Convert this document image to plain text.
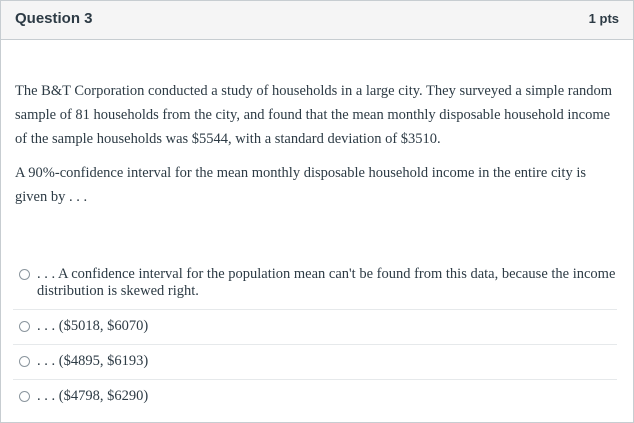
Question 3	1 pts

The B&T Corporation conducted a study of households in a large city. They surveyed a simple random sample of 81 households from the city, and found that the mean monthly disposable household income of the sample households was $5544, with a standard deviation of $3510.

A 90%-confidence interval for the mean monthly disposable household income in the entire city is given by . . .

. . . A confidence interval for the population mean can't be found from this data, because the income distribution is skewed right.
. . . ($5018, $6070)
. . . ($4895, $6193)
. . . ($4798, $6290)
